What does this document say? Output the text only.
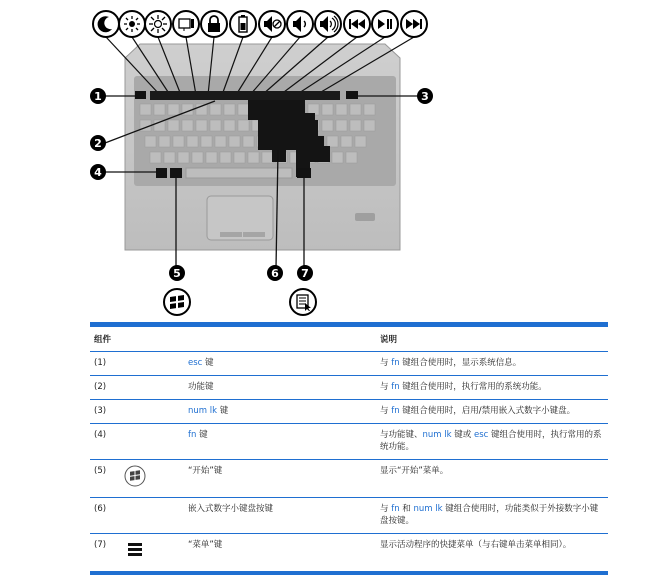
1
2
3
4
5	6 7

组件			说明
(1)		esc 键	与 fn 键组合使用时，显示系统信息。
(2)		功能键	与 fn 键组合使用时，执行常用的系统功能。
(3)		num lk 键	与 fn 键组合使用时，启用/禁用嵌入式数字小键盘。
(4)		fn 键	与功能键、num lk 键或 esc 键组合使用时，执行常用的系统功能。
(5)		“开始”键	显示“开始”菜单。
(6)		嵌入式数字小键盘按键	与 fn 和 num lk 键组合使用时，功能类似于外接数字小键盘按键。
(7)		“菜单”键	显示活动程序的快捷菜单（与右键单击菜单相同）。
